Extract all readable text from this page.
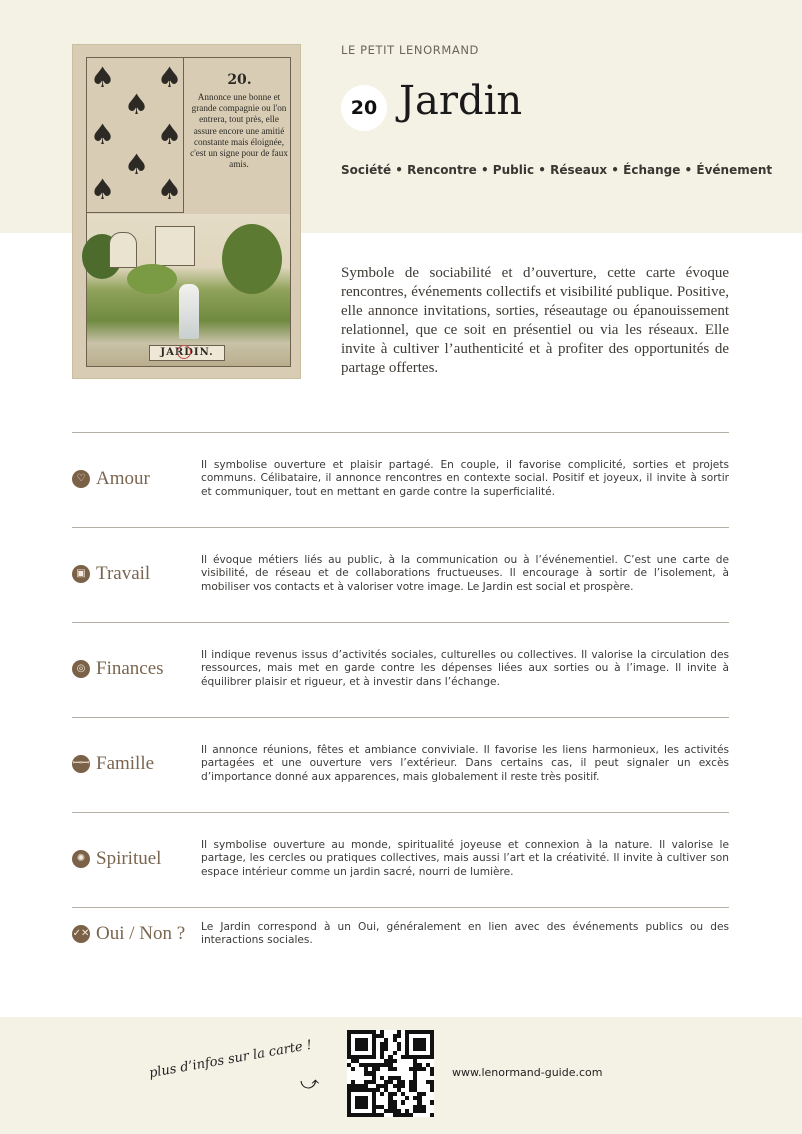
♠ ♠
♠
♠ ♠
♠
♠ ♠
20.
Annonce une bonne et grande compagnie ou l'on entrera, tout près, elle assure encore une amitié constante mais éloignée, c'est un signe pour de faux amis.
JARDIN.
LE PETIT LENORMAND
20 Jardin
Société • Rencontre • Public • Réseaux • Échange • Événement

Symbole de sociabilité et d’ouverture, cette carte évoque rencontres, événements collectifs et visibilité publique. Positive, elle annonce invitations, sorties, réseautage ou épanouissement relationnel, que ce soit en présentiel ou via les réseaux. Elle invite à cultiver l’authenticité et à profiter des opportunités de partage offertes.

♡ Amour
Il symbolise ouverture et plaisir partagé. En couple, il favorise complicité, sorties et projets communs. Célibataire, il annonce rencontres en contexte social. Positif et joyeux, il invite à sortir et communiquer, tout en mettant en garde contre la superficialité.
▣ Travail
Il évoque métiers liés au public, à la communication ou à l’événementiel. C’est une carte de visibilité, de réseau et de collaborations fructueuses. Il encourage à sortir de l’isolement, à mobiliser vos contacts et à valoriser votre image. Le Jardin est social et prospère.
◎ Finances
Il indique revenus issus d’activités sociales, culturelles ou collectives. Il valorise la circulation des ressources, mais met en garde contre les dépenses liées aux sorties ou à l’image. Il invite à équilibrer plaisir et rigueur, et à investir dans l’échange.
ꟷꟷ Famille
Il annonce réunions, fêtes et ambiance conviviale. Il favorise les liens harmonieux, les activités partagées et une ouverture vers l’extérieur. Dans certains cas, il peut signaler un excès d’importance donné aux apparences, mais globalement il reste très positif.
✺ Spirituel
Il symbolise ouverture au monde, spiritualité joyeuse et connexion à la nature. Il valorise le partage, les cercles ou pratiques collectives, mais aussi l’art et la créativité. Il invite à cultiver son espace intérieur comme un jardin sacré, nourri de lumière.
✓✕ Oui / Non ? Le Jardin correspond à un Oui, généralement en lien avec des événements publics ou des interactions sociales.
plus d’infos sur la carte !
⤻
www.lenormand-guide.com
